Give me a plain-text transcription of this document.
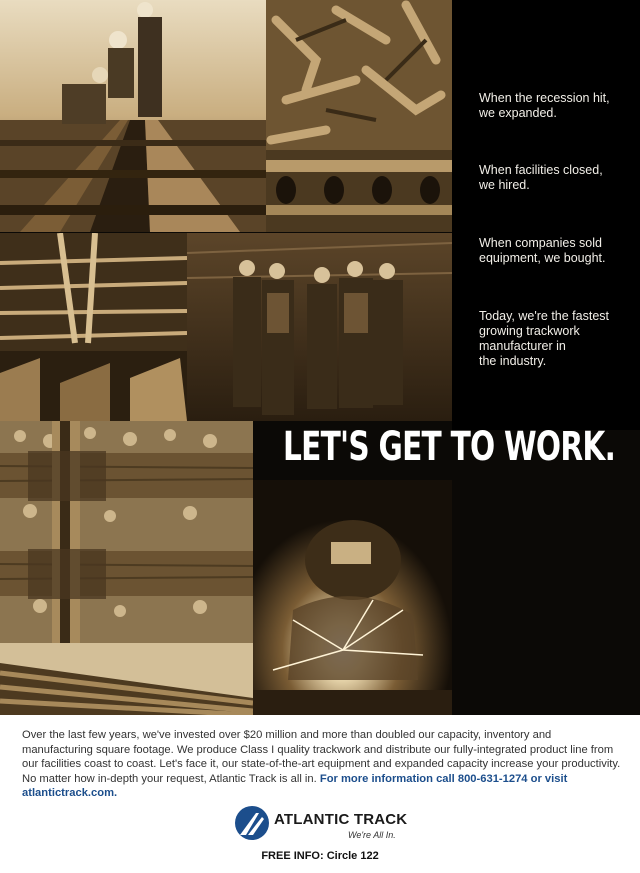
When the recession hit,
we expanded.
When facilities closed,
we hired.
When companies sold
equipment, we bought.
Today, we're the fastest
growing trackwork
manufacturer in
the industry.
LET'S GET TO WORK.
Over the last few years, we've invested over $20 million and more than doubled our capacity, inventory and manufacturing square footage. We produce Class I quality trackwork and distribute our fully-integrated product line from our facilities coast to coast. Let's face it, our state-of-the-art equipment and expanded capacity increase your productivity. No matter how in-depth your request, Atlantic Track is all in. For more information call 800-631-1274 or visit atlantictrack.com.
ATLANTIC TRACK
We're All In.
FREE INFO: Circle 122
